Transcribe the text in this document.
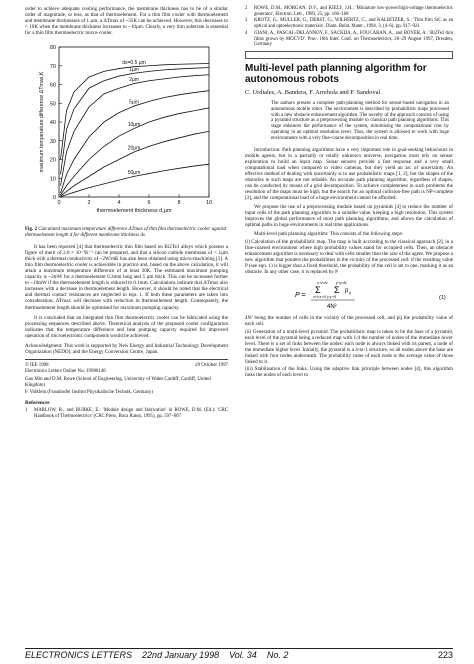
order to achieve adequate cooling performance, the membrane thickness has to be of a similar order of magnitude, or less, as that of thermoelement. For a thin film cooler with thermoelement and membrane thicknesses of 1 µm, a ΔTmax of ~35K can be achieved. However, this decreases to < 10K when the membrane thickness increases to ~10µm. Clearly, a very thin substrate is essential for a thin film thermoelectric micro-cooler.

0	2	4	6	8	10
0
10
20
30
40
50
60
70
80
thermoelement thickness d,µm
maximum temperature difference ΔTmax,K
ds=0.5 µm
1µm
2µm
5µm
10µm
20µm
50µm

Fig. 2 Calculated maximum temperature difference ΔTmax of thin film thermoelectric cooler against thermoelement length d for different membrane thickness ds

It has been reported [4] that thermoelectric thin film based on Bi2Te3 alloys which possess a figure of merit of 2.8 × 10⁻³K⁻¹ can be prepared, and that a silicon carbide membrane of < 1µm thick with a thermal conductivity of ~2W/mK has also been obtained using micro-machining [3]. A thin film thermoelectric cooler is achievable in practice and, based on the above calculation, it will attain a maximum temperature difference of at least 30K. The estimated maximum pumping capacity is ~2mW for a thermoelement 0.3mm long and 5 µm thick. This can be increased further to ~10mW if the thermoelement length is reduced to 0.1mm. Calculations indicate that ΔTmax also increases with a decrease in thermoelement length. However, it should be noted that the electrical and thermal contact resistances are neglected in eqn. 1. If both these parameters are taken into consideration, ΔTmax will decrease with reduction in thermoelement length. Consequently, the thermoelement length should be optimised for maximum pumping capacity.

It is concluded that an integrated thin film thermoelectric cooler can be fabricated using the processing sequences described above. Theoretical analysis of the proposed cooler configuration indicates that the temperature difference and heat pumping capacity required for improved operation of microelectronic components would be achieved.

Acknowledgment: This work is supported by New Energy and Industrial Technology Development Organization (NEDO), and the Energy Conversion Centre, Japan.

© IEE 1998	29 October 1997

Electronics Letters Online No: 19980148

Gao Min and D.M. Rowe (School of Engineering, University of Wales Cardiff, Cardiff, United Kingdom)

F. Volklein (Fraunhofer Institut Physikalische Technik, Germany)

References

1	MARLOW, R., and BURKE, E.: 'Module design and fabrication' in ROWE, D.M. (Ed.): 'CRC Handbook of Thermoelectrics' (CRC Press, Boca Raton, 1995), pp. 597–607
2	ROWE, D.M., MORGAN, D.V., and KIELY, J.H.: 'Miniature low-power/high-voltage thermoelectric generator', Electron. Lett., 1989, 25, pp. 166–168
3	KROTZ, G., MULLER, G., DERST, G., WILBERTZ, C., and KALBITZER, S.: 'Thin film SiC as an optical and optoelectronic materials', Diam. Relat. Mater., 1994, 3, (4–6), pp. 917–921
4	GIANI, A., PASCAL-DELANNOY, F., SACKDA, A., FOUCARAN, A., and BOYER, A.: 'Bi2Te3 thin films grown by MOCVD'. Proc. 16th Inter. Conf. on Thermoelectrics, 26–29 August 1997, Dresden, Germany

Multi-level path planning algorithm for autonomous robots

C. Urdiales, A. Bandera, F. Arrebola and F. Sandoval

The authors present a complete path-planning method for sensor-based navigation in an autonomous mobile robot. The environment is described by probabilistic maps processed with a new obstacle enhancement algorithm. The novelty of the approach consists of using a pyramid structure as a preprocessing module to classical path planning algorithms. This stage enhances the performance of the system, minimising the computational cost by operating in an optimal resolution level. Thus, the system is allowed to work with huge environments with a very fine-coarse decomposition in real time.

Introduction: Path planning algorithms have a very important role in goal-seeking behaviours in mobile agents, but in a partially or totally unknown universe, navigation must rely on sensor exploration to build an input map. Sonar sensors provide a fast response and a very small computational load when compared to video cameras, but they yield an arc of uncertainty. An effective method of dealing with uncertainty is to use probabilistic maps [1, 2], but the shapes of the obstacles in such maps are not reliable. An accurate path planning algorithm, regardless of shapes, can be conducted by means of a grid decomposition. To achieve completeness in such problems the resolution of the maps must be high; but the search for an optimal collision-free path is NP-complete [3], and the computational load of a huge environment cannot be afforded.

We propose the use of a preprocessing module based on pyramids [4] to reduce the number of input cells of the path planning algorithm to a suitable value, keeping a high resolution. This system improves the global performance of most path planning algorithms, and allows the calculation of optimal paths in huge environments in real time applications.

Multi-level path planning algorithm: This consists of the following steps:

(i) Calculation of the probabilistic map. The map is built according to the classical approach [2], in a fine-coarsed environment where high probability values stand for occupied cells. Then, an obstacle enhancement algorithm is necessary to deal with cells smaller than the size of the agent. We propose a new algorithm that ponders the probabilities in the vicinity of the processed cell: if the resulting value P (see eqn. 1) is bigger than a fixed threshold, the probability of the cell is set to one, marking it as an obstacle. In any other case, it is replaced by P

P =
x+i=N
Σ
y+j=N
Σ p ij
x+i=x−N j=y−N
4N²
(1)

4N² being the number of cells in the vicinity of the processed cell, and pij the probability value of each cell.

(ii) Generation of a multi-level pyramid. The probabilistic map is taken to be the base of a pyramid, each level of the pyramid being a reduced map with 1/4 the number of nodes of the immediate lower level. There is a set of links between the nodes: each node is always linked with its parent, a node of the immediate higher level. Initially, the pyramid is a 4-to-1 structure, so all nodes above the base are linked with four nodes underneath. The probability value of each node is the average value of those linked to it.

(iii) Stabilisation of the links. Using the adaptive link principle between nodes [4], this algorithm links the nodes of each level to

ELECTRONICS LETTERS 22nd January 1998 Vol. 34 No. 2	223
